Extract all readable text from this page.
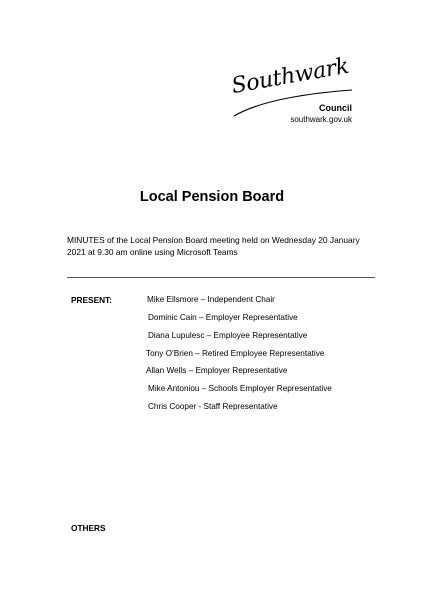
Southwark
Council
southwark.gov.uk
Local Pension Board

MINUTES of the Local Pension Board meeting held on Wednesday 20 January 2021 at 9.30 am online using Microsoft Teams

PRESENT:	Mike Ellsmore – Independent Chair
Dominic Cain – Employer Representative
Diana Lupulesc – Employee Representative
Tony O’Brien – Retired Employee Representative
Allan Wells – Employer Representative
Mike Antoniou – Schools Employer Representative
Chris Cooper - Staff Representative
OTHERS
